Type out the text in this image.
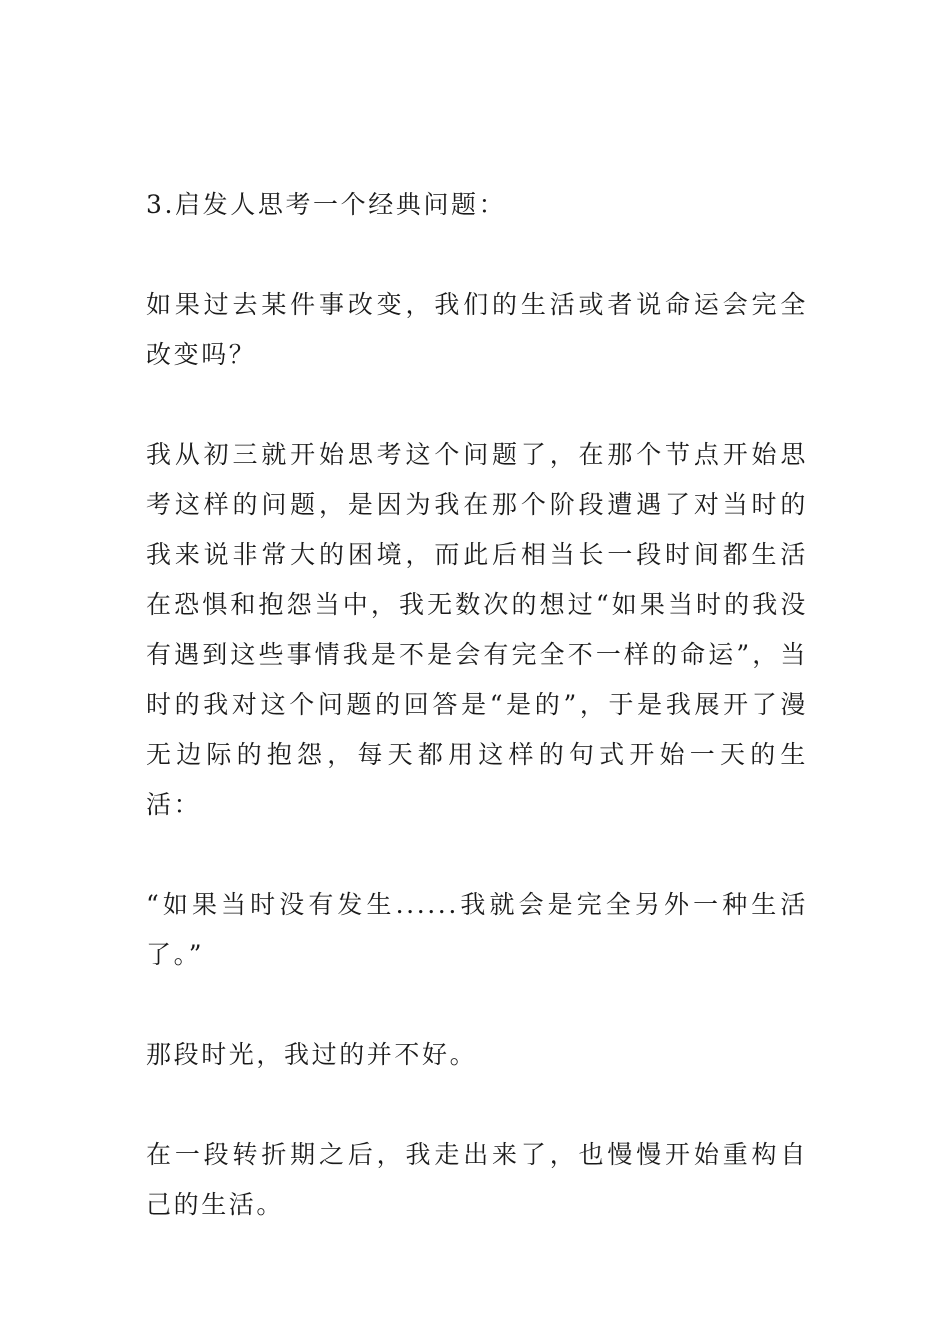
3.启发人思考一个经典问题：

如果过去某件事改变，我们的生活或者说命运会完全改变吗？

我从初三就开始思考这个问题了，在那个节点开始思考这样的问题，是因为我在那个阶段遭遇了对当时的我来说非常大的困境，而此后相当长一段时间都生活在恐惧和抱怨当中，我无数次的想过“如果当时的我没有遇到这些事情我是不是会有完全不一样的命运”，当时的我对这个问题的回答是“是的”，于是我展开了漫无边际的抱怨，每天都用这样的句式开始一天的生活：

“如果当时没有发生......我就会是完全另外一种生活了。”

那段时光，我过的并不好。

在一段转折期之后，我走出来了，也慢慢开始重构自己的生活。
